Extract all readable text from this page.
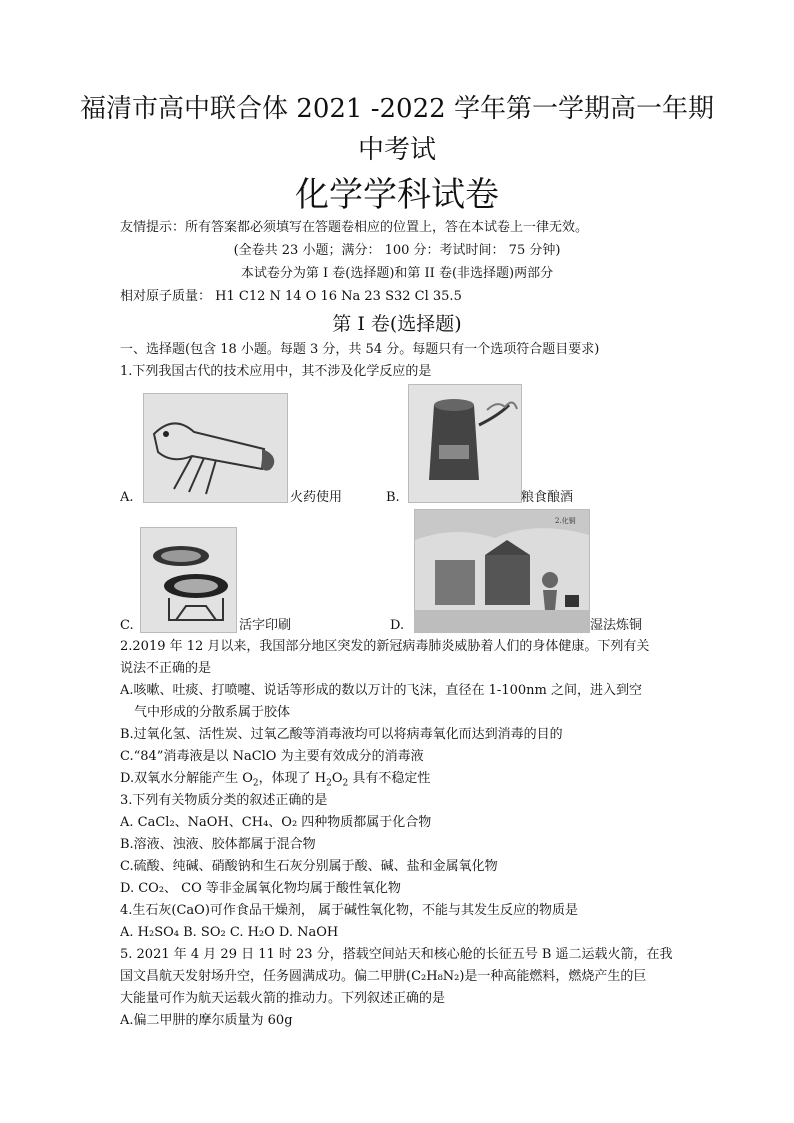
福清市高中联合体 2021 -2022 学年第一学期高一年期
中考试
化学学科试卷
友情提示：所有答案都必须填写在答题卷相应的位置上，答在本试卷上一律无效。
(全卷共 23 小题；满分： 100 分：考试时间： 75 分钟)
本试卷分为第 I 卷(选择题)和第 II 卷(非选择题)两部分
相对原子质量： H1 C12 N 14 O 16 Na 23 S32 Cl 35.5
第 I 卷(选择题)
一、选择题(包含 18 小题。每题 3 分，共 54 分。每题只有一个选项符合题目要求)
1.下列我国古代的技术应用中，其不涉及化学反应的是
A.	火药使用	B.	粮食酿酒
C.	活字印刷	D.
2.化铜
湿法炼铜
2.2019 年 12 月以来，我国部分地区突发的新冠病毒肺炎威胁着人们的身体健康。下列有关
说法不正确的是
A.咳嗽、吐痰、打喷嚏、说话等形成的数以万计的飞沫，直径在 1-100nm 之间，进入到空
气中形成的分散系属于胶体
B.过氧化氢、活性炭、过氧乙酸等消毒液均可以将病毒氧化而达到消毒的目的
C.“84”消毒液是以 NaClO 为主要有效成分的消毒液
D.双氧水分解能产生 $O_2$，体现了 $H_2O_2$ 具有不稳定性
3.下列有关物质分类的叙述正确的是
A. CaCl₂、NaOH、CH₄、O₂ 四种物质都属于化合物
B.溶液、浊液、胶体都属于混合物
C.硫酸、纯碱、硝酸钠和生石灰分别属于酸、碱、盐和金属氧化物
D. CO₂、 CO 等非金属氧化物均属于酸性氧化物
4.生石灰(CaO)可作食品干燥剂， 属于碱性氧化物，不能与其发生反应的物质是
A. H₂SO₄ B. SO₂ C. H₂O D. NaOH
5. 2021 年 4 月 29 日 11 时 23 分，搭载空间站天和核心舱的长征五号 B 遥二运载火箭，在我
国文昌航天发射场升空，任务圆满成功。偏二甲肼(C₂H₈N₂)是一种高能燃料，燃烧产生的巨
大能量可作为航天运载火箭的推动力。下列叙述正确的是
A.偏二甲肼的摩尔质量为 60g
